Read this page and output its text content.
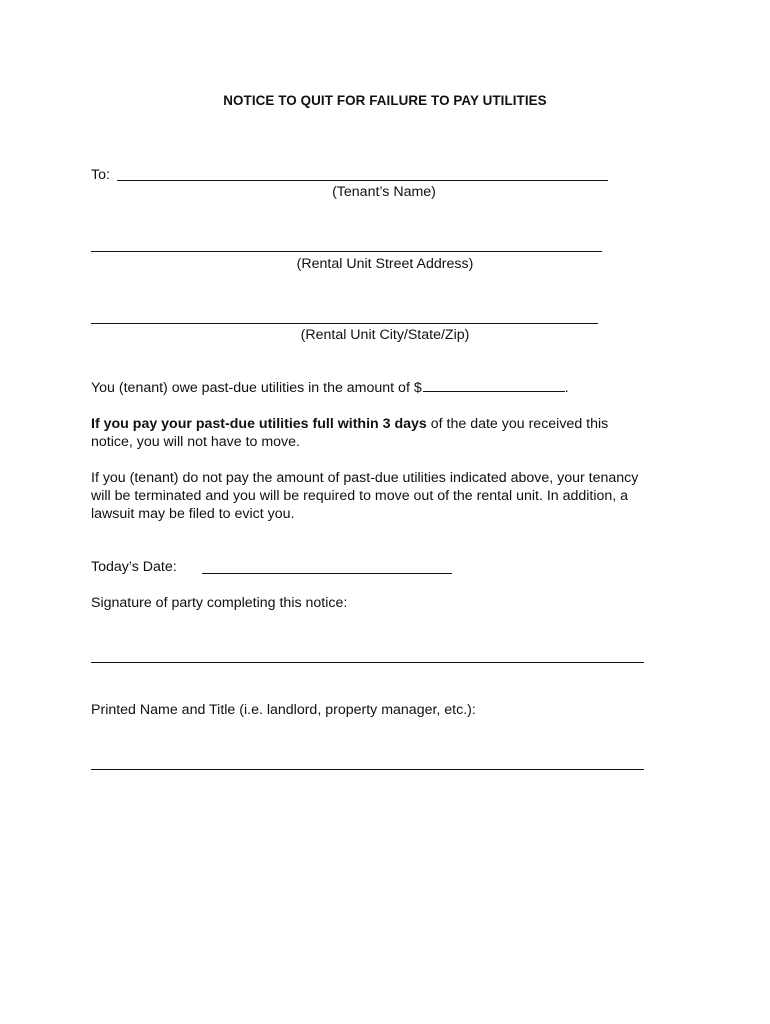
NOTICE TO QUIT FOR FAILURE TO PAY UTILITIES
To:
(Tenant’s Name)
(Rental Unit Street Address)
(Rental Unit City/State/Zip)
You (tenant) owe past-due utilities in the amount of $	.
If you pay your past-due utilities full within 3 days of the date you received this
notice, you will not have to move.
If you (tenant) do not pay the amount of past-due utilities indicated above, your tenancy
will be terminated and you will be required to move out of the rental unit. In addition, a
lawsuit may be filed to evict you.
Today’s Date:
Signature of party completing this notice:
Printed Name and Title (i.e. landlord, property manager, etc.):
